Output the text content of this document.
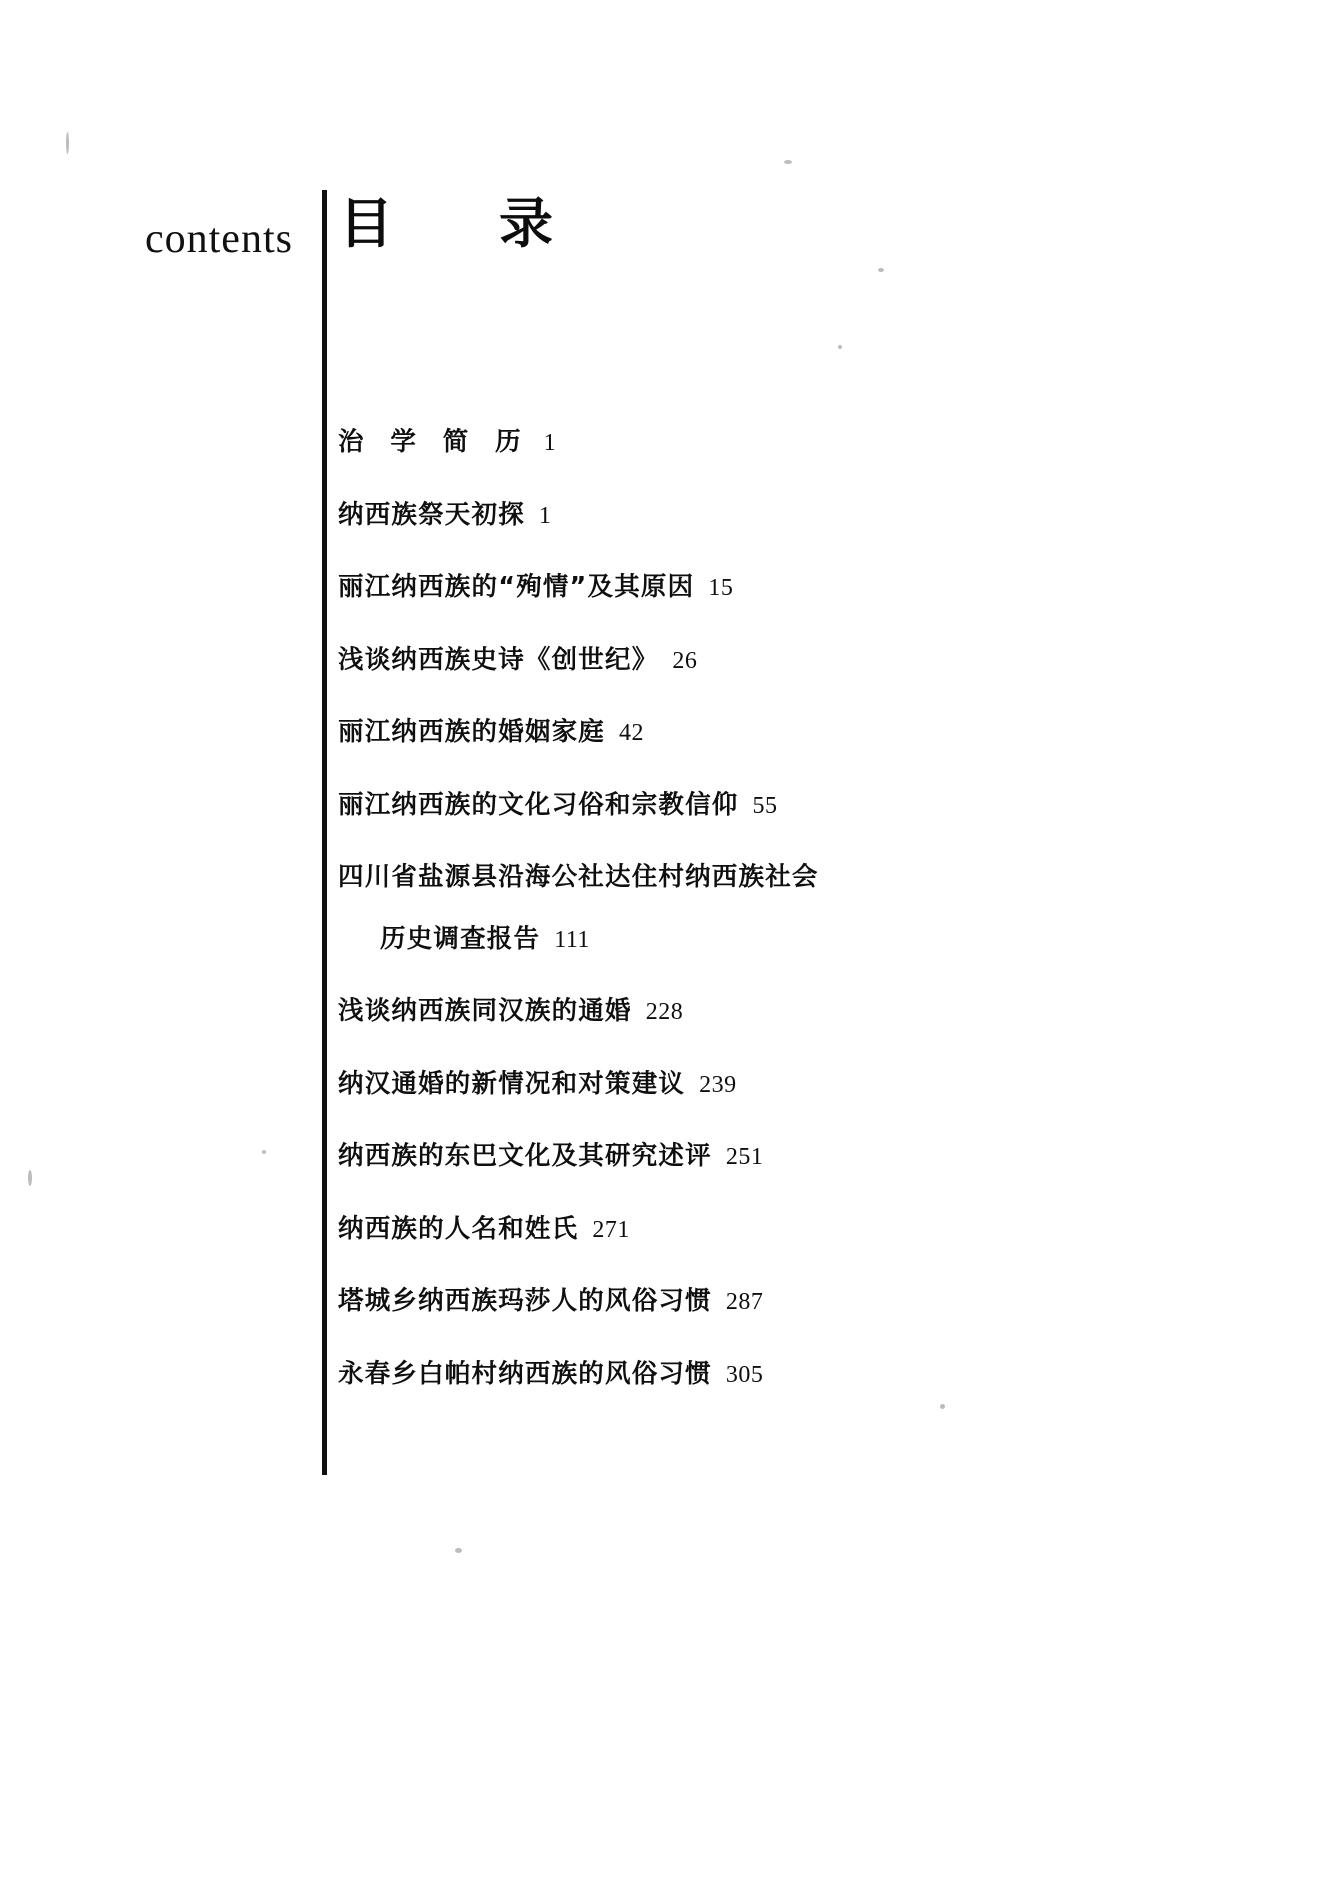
contents 目　录
治 学 简 历 1
纳西族祭天初探 1
丽江纳西族的“殉情”及其原因 15
浅谈纳西族史诗《创世纪》 26
丽江纳西族的婚姻家庭 42
丽江纳西族的文化习俗和宗教信仰 55
四川省盐源县沿海公社达住村纳西族社会
历史调查报告 111
浅谈纳西族同汉族的通婚 228
纳汉通婚的新情况和对策建议 239
纳西族的东巴文化及其研究述评 251
纳西族的人名和姓氏 271
塔城乡纳西族玛莎人的风俗习惯 287
永春乡白帕村纳西族的风俗习惯 305
